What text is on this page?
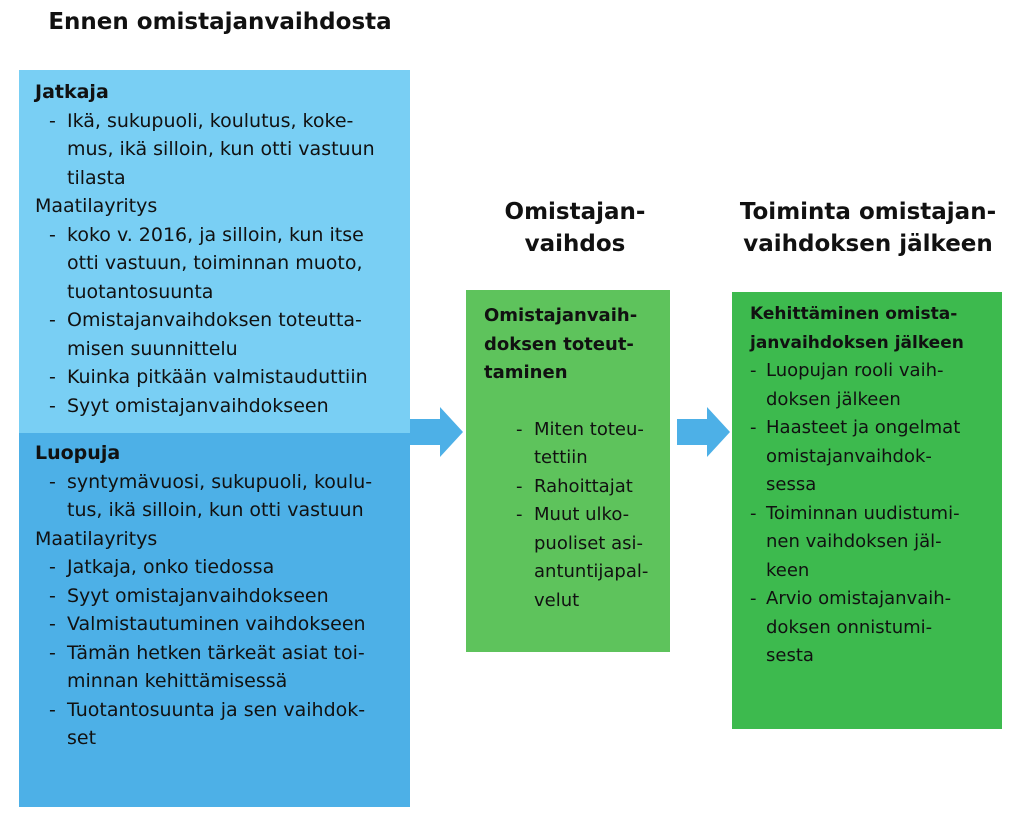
Ennen omistajanvaihdosta
Omistajan-
vaihdos
Toiminta omistajan-
vaihdoksen jälkeen

Jatkaja

- Ikä, sukupuoli, koulutus, koke-
mus, ikä silloin, kun otti vastuun
tilasta

Maatilayritys

- koko v. 2016, ja silloin, kun itse
otti vastuun, toiminnan muoto,
tuotantosuunta
- Omistajanvaihdoksen toteutta-
misen suunnittelu
- Kuinka pitkään valmistauduttiin
- Syyt omistajanvaihdokseen

Luopuja

- syntymävuosi, sukupuoli, koulu-
tus, ikä silloin, kun otti vastuun

Maatilayritys

- Jatkaja, onko tiedossa
- Syyt omistajanvaihdokseen
- Valmistautuminen vaihdokseen
- Tämän hetken tärkeät asiat toi-
minnan kehittämisessä
- Tuotantosuunta ja sen vaihdok-
set

Omistajanvaih-
doksen toteut-
taminen

- Miten toteu-
tettiin
- Rahoittajat
- Muut ulko-
puoliset asi-
antuntijapal-
velut

Kehittäminen omista-
janvaihdoksen jälkeen

- Luopujan rooli vaih-
doksen jälkeen
- Haasteet ja ongelmat
omistajanvaihdok-
sessa
- Toiminnan uudistumi-
nen vaihdoksen jäl-
keen
- Arvio omistajanvaih-
doksen onnistumi-
sesta
